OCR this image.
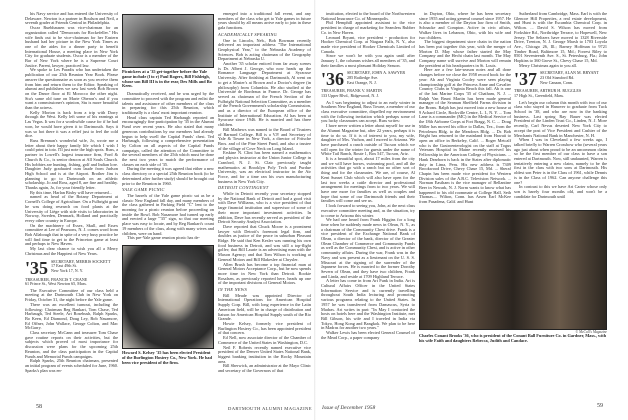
his Navy service and has entered the University of Delaware. Newton is a partner in Boulson and Neil, a seventh grader at Friends Central in Philadelphia.

Oscar Ruebhausen was vice-chairman for an organization called "Democrats for Rockefeller." His wife finds out to be vice-chairman for her Eastern husband had her picture in the New York Times as one of the aides for a dinner party to benefit International House, a meeting place in New York City for graduate students. Oscar is a member of the Bar of New York where he is a Supreme Court Justice. Parent, lawyer, practiced law.

We spoke to Les Paradis who has undertaken the publication of our 25th Reunion Year Book. Please answer the questionnaire as soon as you receive them from him and return them to the Editor. Speaking of alumni and publishers we saw last week Bob Brown on the Dance floor at El Morocco the other night. Stu's same old tune on Marie Oberon's and if you want a commissioner's opinion, Stu is more beautiful than the actress.

Kelly Morton is back from a trip with Dorry through the West. Kelly left some of his earnings at Las Vegas. It was for a worthwhile cause for if he had won, he would have given it to Dartmouth. Says it was so hot there it was a relief just to feel the cold dice.

Russ Brennan's wonderful wife, Jo, wrote me a letter about their happy family life which I wish I could print in toto. I'll just note the high spots. Russ, a partner in Lowell's largest insurance firm, Ford & Church & Co., is senior deacon at All Souls Church. His hobbies are hunting, fishing, golf and Indian lore. Daughter Judy graduated cum laude from Judson High School and is at the Airport. Brother Jim is planning to go to Dartmouth on an athletic scholarship. Jo and Ross, aged 8, are fine and healthy. Thanks again, Jo, for your friendly letter.

By this time, Harlan Bixby will have returned...

named as head of the Botany Department at Cornell's College of Agriculture. On a Fulbright grant he was doing research on food plants at the University of Liège with side visits to laboratories in Norway, Sweden, Denmark, Holland and practically every other country in Europe.

On the machinery of Essex, Skull, and Essex committee at Lee of Pearsons, N. J. comes word from Bob Allabough that in spite of a very busy practice he will find time to get to the Princeton game at least and perhaps to New Haven.

My last clear chance to wish you all a Merry Christmas and the Happiest of New Years.

'35 SECRETARY, MERRIS SOCKETT
17 East 49th St.
New York 17, N. Y.
TREASURER, FRANCIS T. CRANE
61 Prince St., West Newton 65, Mass.

The Executive Committee of our class held a meeting at the Dartmouth Club in New York on Friday, October 31, the night before the Yale game.

There was an excellent turnout, including the following: Chairman Reg Bankart, Tom Chase, Ted Harbaugh, Ted Steele, Art Rosebush, Ralph Sparks, Bo Keen, Ed Diamond, Doug Ley, Bob Nasamore, Ed Offner, John Wallace, George Colton, and Mac McGarry.

Class secretary McCann and treasurer Tom Chase gave routine reports on their activities, but the subjects which proved of most importance for discussion were plans for the upcoming 25th Reunion, and the class participation in the Capital Funds and Memorial Funds campaigns.

Ralph Sparks, 25th Reunion chairman, presented an initial program of events scheduled for June, 1960. Sparks's plan was en-

Picnickers at a '35 get-together before the Yale game include (l to r) Paul Rogers, Bill Fishleigh, whose son Bill III is in the rear, Dex Mills and Bo Keen.

Dramatically received, and he was urged by the committee to proceed with the program and enlist the talents and assistance of other members of the class in preparing for this 25th Reunion, which traditionally is a class' most important reunion.

Head class captain Ted Harbaugh reported an encouragingly fine participation by '35 in the Alumni Fund over recent years. He also stated that many generous contributions by our members had already begun to help swell the Capital Funds' chest. Ted Harbaugh, following a comprehensive presentation by Colton on all aspects of the Capital Funds campaign, called the attention of the Committee to the several members of the 25th which must be done the next two years to match the performance of classes on each side of '35.

During the meeting it was agreed that either a new class directory or a special 25th Reunion book (to be determined after further study) should be brought out prior to the Reunion in 1960.

YALE GAME PICNIC

The barrels of the Yale game picnic sat as be a classic New England fall day, and many members of the class gathered in Parking Field "C" lent to the morning for a picnic reunion before proceeding on inside the Bowl. Bob Nasamore had turned up early and erected a large "'35" sign, so that our meeting place was easy to locate, and by Reg Bankart's count 19 members of the class, along with many wives and children, were on hand.

This pre-Yale game reunion picnic has de-

Howard S. Kelsey '35 has been elected President of the Burlington Hosiery Co., New York. He had been vice president of the firm.

emerged into a traditional fall event, and any members of the class who get to Yale games in future years should by all means arrive early to join in these gala functions.

ACADEMICALLY SPEAKING

One in Lincoln, Neb., Bob Bowman recently delivered an important address "The International Geophysical Year," to the Nebraska Academy of Sciences. Bob is acting chairman of the Geography Department at Nebraska U.

Another '35 scholar enticed from far away scenes is Dr. Albert J. George, who now heads up the Romance Language Department at Syracuse University. After finishing at Dartmouth, Al went on to get a Master's at Brown and a Doctor's degree (in philosophy) from Columbia. He also studied at the Université de Bordeaux in France. Dr. George has served as chairman of the French Section of the Fulbright National Selection Committee, as a member of the French Government's scholarship Commission, and as a director of the European office of the Institute of International Education. Al has been at Syracuse since 1946. He is married and has three children.

Bill Mathews was named to the Board of Trustees of Barnard College. Bill is a V.P. and Secretary of Yale & Towne in New York, a director of Fritsche Bros. and of the Pine Street Fund, and also a trustee of the village of Cove Neck on Long Island.

Erskine N. Clint has been named a mathematics and physics instructor at the Union Junior College in Cranford, N. J. St. Clair previously taught mathematics at Brooklyn Poly Tech and Purdue University, was an electrical instructor in the Air Force, and for a time ran his own manufacturing business in New York City.

DETROIT CONTINGENT

While in Detroit recently your secretary stopped by the National Bank of Detroit and had a good visit with Dave Williams, who is a vice president of that large financial institution and supervisor of some of their more important investment activities. In addition, Dave has recently served as president of the Detroit Security Analyst Association.

Dave reported that Chuck Moore is a prominent lawyer with Detroit's foremost legal firm, and doubles as justice of the peace in suburban Pleasant Ridge. He said that Ken Kesler was running his own food business in Detroit, and was still a top-flight golfer; that Bill Laurie is an advertising man with the Maxon Agency; and that Tom Wilson is working at General Motors and Bill Blakeslee at Chrysler.

Allen Brush has become a top financial man at General Motors Acceptance Corp., but he now spends more time in New York than Detroit. Rookie Rosalsen, as previously reported here, heads up one of the important divisions of General Motors.

IN THE NEWS

Bill Meade was appointed Director of International Operations for American Hospital Supply Corp. Bill, with long experience in the Latin American field, will be in charge of distribution and liaison for American Hospital Supply south of the Rio Grande.

Howie Kelsey, formerly vice president of Burlington Hosiery Co., has been appointed president of that concern.

Ed Nell, now associate director of the Chamber of Commerce of the United States in Washington, D.C.

Neil F. Roberts recently named executive vice president of the Denver United States National Bank, biggest banking institution in the Rocky Mountain area.

Bill Sherwick, an administrator at the Mayo Clinic and secretary of the Governors of that

58	DARTMOUTH ALUMNI MAGAZINE

institution, elected to the board of the Northwestern National Insurance Co. of Minneapolis.

Phil Hemphill appointed assistant to the vice president in charge of marketing for Seamless Rubber Co. in New Haven.

Leonard Bryant, vice president - production for Hooker Chemical Corp. at Niagara Falls, N. Y., also made vice president of Hooker Chemicals Limited of Canada.

Since we won't be with you again until after January 1, the columns wishes all members of '35, and their families a most pleasant Holiday Season.

'36 SECRETARY, JOHN A. SAWYER
285 Ratliedge Ave.
East Orange, N. J.
TREASURER, FRANK V. MARTIN
133 Upper Blvd., Ridgewood, N. J.

As I was beginning to adjust to an early winter in Southern New England, Russ Towne, a member of our class executive committee, dispelled my environment with the following invitation which perhaps some of you lucky classmates can accept. Russ writes:

I have never written a letter about myself for use in the Alumni Magazine but, after 22 years, perhaps it is time to do so. If it is of interest to you, my wife, daughter of Mrs. Vachon, and I moved to Arizona. We have purchased a ranch outside of Tucson which we will open for the winter for guests under the name of White Tail Ranch, Route 1, Box 547, Tucson, Ariz.

It is a beautiful spot, about 17 miles from the city and we will have horses, swimming pool, and all the activities that go with a ranch but no other sort of thing and for the classmates. We are, of course, Al Kent Sunset Club which will also have open for the last two weeks a cattle director and professional arrangement for meetings from to two years. We will have one more for families as well as couples and hope that some of our Dartmouth friends and their families will come and see us.

I look forward to seeing you, John, at the next class executive committee meeting and, as the situation, try to come to Arizona this winter.

We had one heard from Frank Higgins for a long time when he suddenly made news in Olean, N. Y., as a chairman of the Community Chest drive. Frank is a vice president of the Exchange National Bank of Olean, a director of the bank, director of the Greater Olean Chamber of Commerce and Community Funds as well as the Community Chest, and is active in other community affairs. During the war, Frank was in the Navy and was present as a lieutenant on the U. S. S. Missouri at the signing of the surrender of the Japanese forces. He is married to the former Dorothy Severn of Olean, and they have two children, Frank and Linda, and reside at 1709 Highland Terrace.

A letter has come in from Art Funk in India. Art is Cultural Affairs Officer in the United States Information Service and is currently travelling throughout South India lecturing and promoting various programs relating to the United States. In 1957 he was transferred from Damascus, Syria to Madras. Art writes in part: "In May I contacted the hosts on hotels here and the Washington Institute, met Bill Gibson, his wife and I traveled in India via Tokyo, Hong Kong and Bangkok. We plan to be here in Madras for another two years."

Walker Lewis has been elected General Counsel of the Mead Corp., a paper company

in Dayton, Ohio, where he has been secretary since 1955 and acting general counsel since 1957. He is also a member of the Dayton law firm of Smith, Schnacke and Compton. Active in civic affairs, Walker lives in Lebanon, Ohio, with his wife and two children.

The biggest department store chain in the nation has been put together this year, with the merger of Morton D. May whose father started the May Company and the Hecht chain last month. The May Company name will survive and Morton will remain the president at his headquarters in St. Louis.

Here are a few late-season notes and all done changes before we close the 1958 record book for the year: Ab and Virginia Cooley were seen playing championship golf at the Princess Anne and Cavalier Country Clubs in Virginia Beach this fall. Ab is one of the last Marine Corps '35 of Chatham, N. J. ... Ralph Van Brunt Martin has been made general manager of the Seaman Sheffield Farms division in the Bronx. Ralph has just moved into a new house at 9 Achard Circle, Rockville Centre, L. I., N. Y. ... Tom Lane is a commander (MC) in the Medical Service of the 18th Airborne Corps at Fort Bragg, N. C. ... Doug Miller has moved his office to Dallas, Tex., from the Petroleum Bldg. to the Meadows Bldg. ... Dr. Bob Bright has returned to the mainland from Hawaii to open an office in Berkeley, Calif. ... Roger Metcalf who is the Gastroenterologist on the staff at Togus Veterans Hospital in Maine recently received his Fellowship in the American College of Physicians. ... Hank Dearborn is back in the States after diplomatic duty in Lima, Peru. His new address is 7309 Brookwood Drive, Chevy Chase 15, Md. ... Sheraf Chapin has been made vice president for Western Division sales of the A.B.C. Television Network. ... Norman Eastham is the vice manager of Bellantine Beer in Newark, N. J. Norm wants to know what has happened to his old roommate at College Hall, Seth Thomas.... Wilton, Conn. has Arsen Earl McKee from Pasadena, Calif. and Hunt

Sutherland from Cambridge, Mass. Earl is with the Glencoe Hill Properties, a real estate development, and Hunt is with the Escambia Chemical Corp. in Wilton. ... David S. Wilson has moved from Forkshire Rd., Northridge Terrace, to Hopewell, New Jersey. The Seltzers have moved to 1328 Riverside Drive, Trenton, N. J. George Marsh to 1703 Loyola Ave., Chicago 26, Ill.; Barney Hoffman to 9721 Timber Road, Baltimore 15, Md.; Forrest Riley to 8501 Seventeenth Ave. S., St. Petersburg, Fla.; John Hopkins to 360 Grove St., Chevy Chase 15, Md.

Merry Christmas again to you all.

'37 SECRETARY, ALAN M. BRYANT
23 Old Stamford Rd.
New Canaan, Conn.
TREASURER, ARTHUR H. RUGGLES
17 High St., Greenfield, Mass.

Let's begin our column this month with two of our class who stayed in Hanover to graduate from Tuck School in '38, and who are now in the banking business. Last spring Ray Bauer was elected President of the Linden Trust Co., Linden, N. J. More recently, Carl Nevus deserted New York City to accept the post of Vice President and Cashier of the Merchants National Bank in Manchester, N. H.

When I was in Cleveland a few weeks ago, I talked briefly to Warren Crossbow who (several years ago just about when proud to be an uncommon claim so he the first member of our class to have a son entered at Dartmouth. Now, still undaunted, Warren is tentatively entering a new claim, namely to be the first in the class with two sons at Dartmouth. His oldest son Peter is in the Class of 1961, while Dennis is in the Class of 1962. Can anyone challenge this one?

In contrast to this we have Art Carter whose only son is barely four months old, and won't be a candidate for Dartmouth until

© McCall's Magazine
Charles Conant Brooks '36, who is president of the Conant Ball Furniture Co. in Gardner, Mass., with his wife Faith and daughters Rebecca, Judith and Candace.
Issue of December 1958	59
